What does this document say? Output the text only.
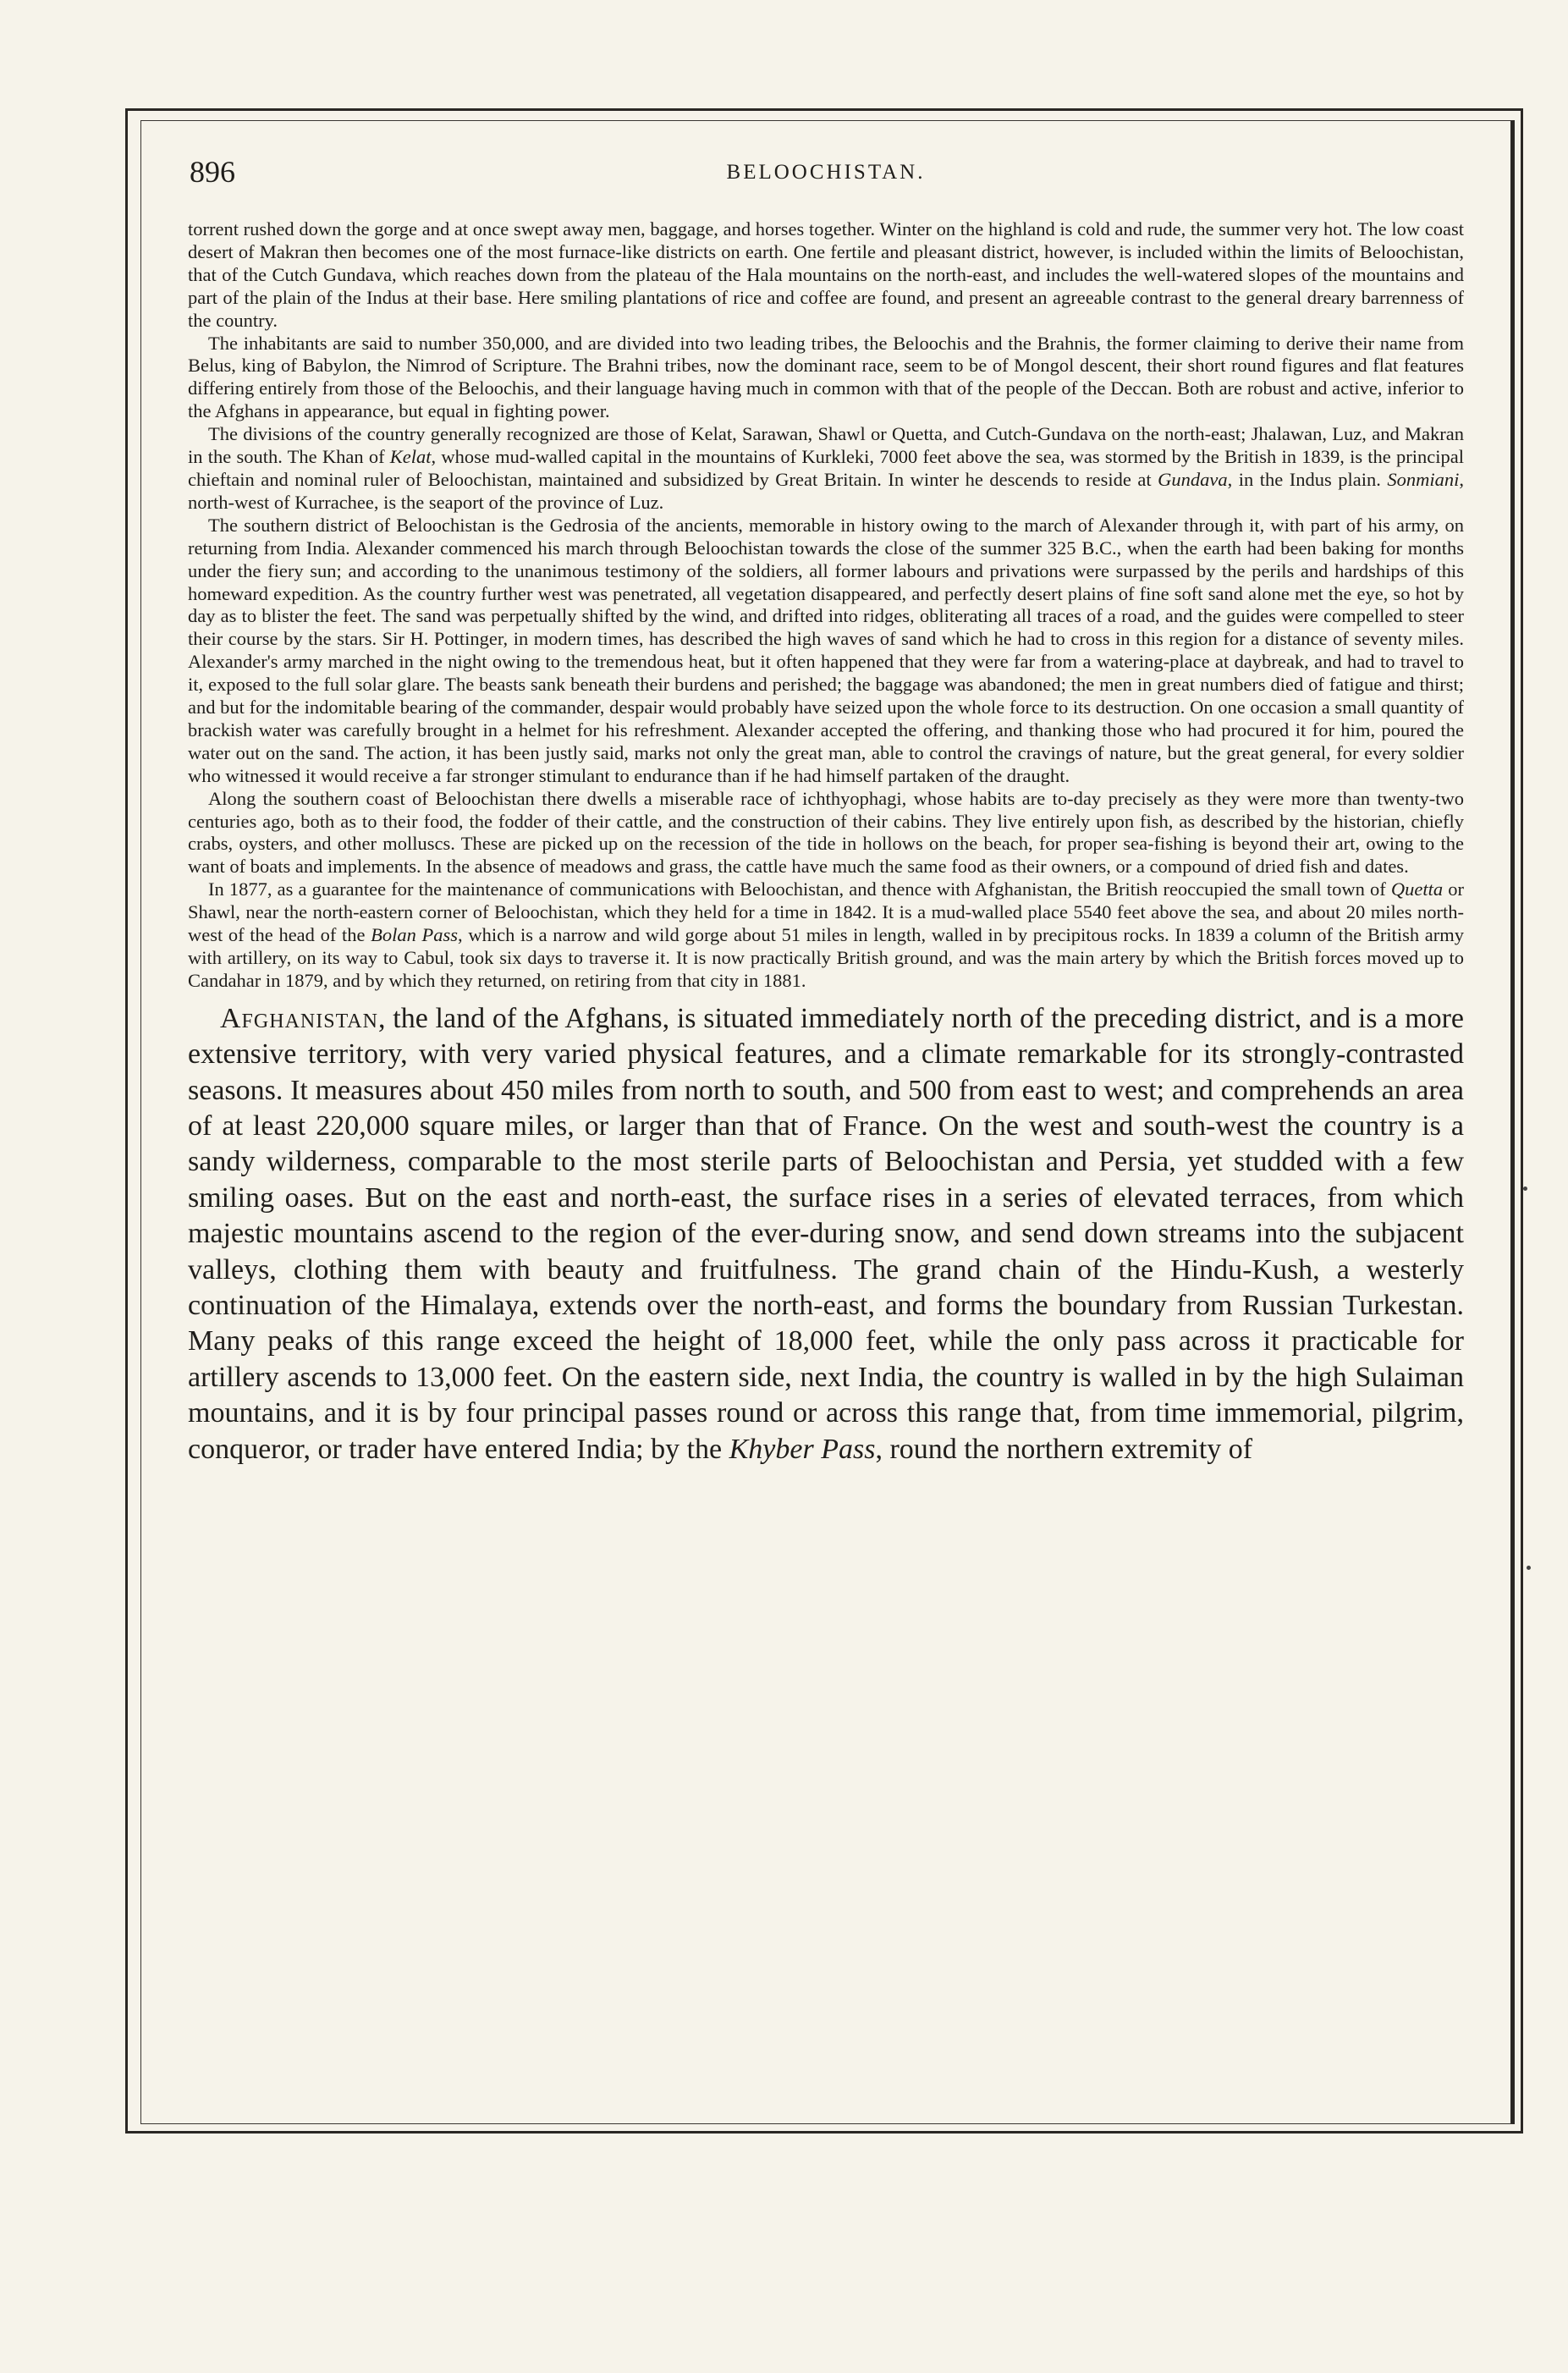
896	BELOOCHISTAN.

torrent rushed down the gorge and at once swept away men, baggage, and horses together. Winter on the highland is cold and rude, the summer very hot. The low coast desert of Makran then becomes one of the most furnace-like districts on earth. One fertile and pleasant district, however, is included within the limits of Beloochistan, that of the Cutch Gundava, which reaches down from the plateau of the Hala mountains on the north-east, and includes the well-watered slopes of the mountains and part of the plain of the Indus at their base. Here smiling plantations of rice and coffee are found, and present an agreeable contrast to the general dreary barrenness of the country.

The inhabitants are said to number 350,000, and are divided into two leading tribes, the Beloochis and the Brahnis, the former claiming to derive their name from Belus, king of Babylon, the Nimrod of Scripture. The Brahni tribes, now the dominant race, seem to be of Mongol descent, their short round figures and flat features differing entirely from those of the Beloochis, and their language having much in common with that of the people of the Deccan. Both are robust and active, inferior to the Afghans in appearance, but equal in fighting power.

The divisions of the country generally recognized are those of Kelat, Sarawan, Shawl or Quetta, and Cutch-Gundava on the north-east; Jhalawan, Luz, and Makran in the south. The Khan of Kelat, whose mud-walled capital in the mountains of Kurkleki, 7000 feet above the sea, was stormed by the British in 1839, is the principal chieftain and nominal ruler of Beloochistan, maintained and subsidized by Great Britain. In winter he descends to reside at Gundava, in the Indus plain. Sonmiani, north-west of Kurrachee, is the seaport of the province of Luz.

The southern district of Beloochistan is the Gedrosia of the ancients, memorable in history owing to the march of Alexander through it, with part of his army, on returning from India. Alexander commenced his march through Beloochistan towards the close of the summer 325 B.C., when the earth had been baking for months under the fiery sun; and according to the unanimous testimony of the soldiers, all former labours and privations were surpassed by the perils and hardships of this homeward expedition. As the country further west was penetrated, all vegetation disappeared, and perfectly desert plains of fine soft sand alone met the eye, so hot by day as to blister the feet. The sand was perpetually shifted by the wind, and drifted into ridges, obliterating all traces of a road, and the guides were compelled to steer their course by the stars. Sir H. Pottinger, in modern times, has described the high waves of sand which he had to cross in this region for a distance of seventy miles. Alexander's army marched in the night owing to the tremendous heat, but it often happened that they were far from a watering-place at daybreak, and had to travel to it, exposed to the full solar glare. The beasts sank beneath their burdens and perished; the baggage was abandoned; the men in great numbers died of fatigue and thirst; and but for the indomitable bearing of the commander, despair would probably have seized upon the whole force to its destruction. On one occasion a small quantity of brackish water was carefully brought in a helmet for his refreshment. Alexander accepted the offering, and thanking those who had procured it for him, poured the water out on the sand. The action, it has been justly said, marks not only the great man, able to control the cravings of nature, but the great general, for every soldier who witnessed it would receive a far stronger stimulant to endurance than if he had himself partaken of the draught.

Along the southern coast of Beloochistan there dwells a miserable race of ichthyophagi, whose habits are to-day precisely as they were more than twenty-two centuries ago, both as to their food, the fodder of their cattle, and the construction of their cabins. They live entirely upon fish, as described by the historian, chiefly crabs, oysters, and other molluscs. These are picked up on the recession of the tide in hollows on the beach, for proper sea-fishing is beyond their art, owing to the want of boats and implements. In the absence of meadows and grass, the cattle have much the same food as their owners, or a compound of dried fish and dates.

In 1877, as a guarantee for the maintenance of communications with Beloochistan, and thence with Afghanistan, the British reoccupied the small town of Quetta or Shawl, near the north-eastern corner of Beloochistan, which they held for a time in 1842. It is a mud-walled place 5540 feet above the sea, and about 20 miles north-west of the head of the Bolan Pass, which is a narrow and wild gorge about 51 miles in length, walled in by precipitous rocks. In 1839 a column of the British army with artillery, on its way to Cabul, took six days to traverse it. It is now practically British ground, and was the main artery by which the British forces moved up to Candahar in 1879, and by which they returned, on retiring from that city in 1881.

Afghanistan, the land of the Afghans, is situated immediately north of the preceding district, and is a more extensive territory, with very varied physical features, and a climate remarkable for its strongly-contrasted seasons. It measures about 450 miles from north to south, and 500 from east to west; and comprehends an area of at least 220,000 square miles, or larger than that of France. On the west and south-west the country is a sandy wilderness, comparable to the most sterile parts of Beloochistan and Persia, yet studded with a few smiling oases. But on the east and north-east, the surface rises in a series of elevated terraces, from which majestic mountains ascend to the region of the ever-during snow, and send down streams into the subjacent valleys, clothing them with beauty and fruitfulness. The grand chain of the Hindu-Kush, a westerly continuation of the Himalaya, extends over the north-east, and forms the boundary from Russian Turkestan. Many peaks of this range exceed the height of 18,000 feet, while the only pass across it practicable for artillery ascends to 13,000 feet. On the eastern side, next India, the country is walled in by the high Sulaiman mountains, and it is by four principal passes round or across this range that, from time immemorial, pilgrim, conqueror, or trader have entered India; by the Khyber Pass, round the northern extremity of
